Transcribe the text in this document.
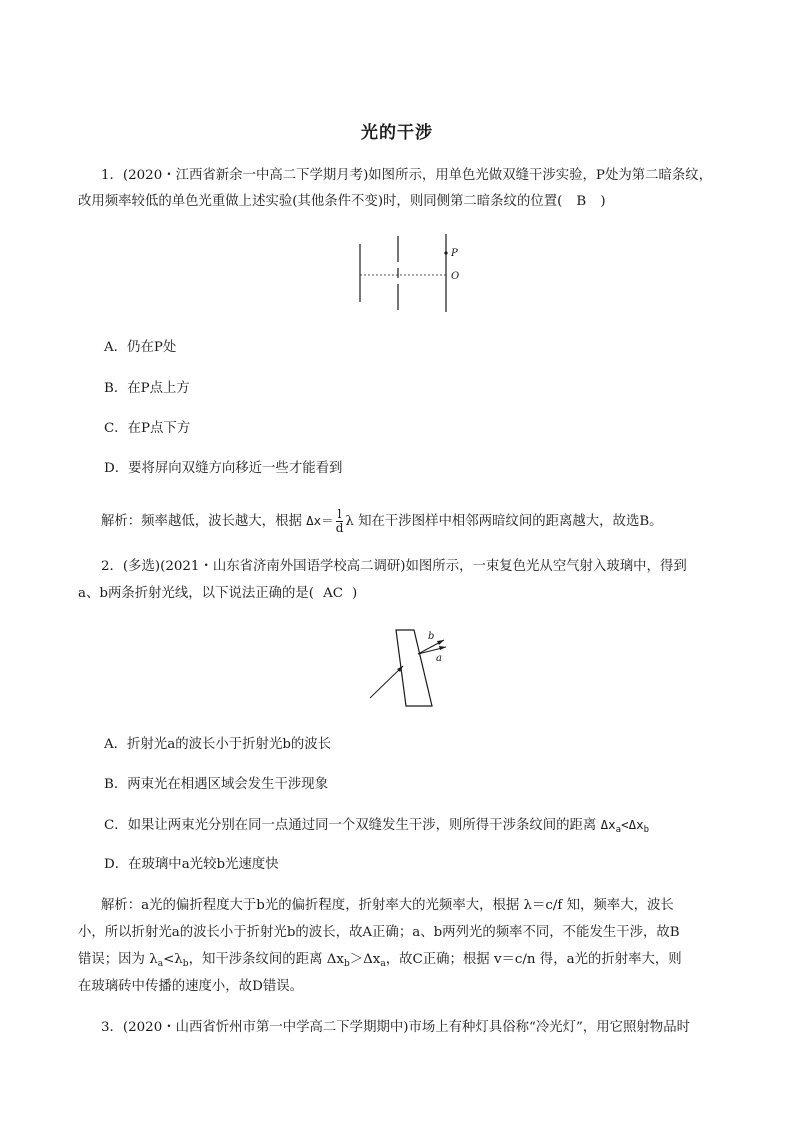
光的干涉
1．(2020・江西省新余一中高二下学期月考)如图所示，用单色光做双缝干涉实验，P处为第二暗条纹，
改用频率较低的单色光重做上述实验(其他条件不变)时，则同侧第二暗条纹的位置( B )
P
O
A．仍在P处
B．在P点上方
C．在P点下方
D．要将屏向双缝方向移近一些才能看到
解析：频率越低，波长越大，根据 $\Delta x= \frac{l}{d}$ λ 知在干涉图样中相邻两暗纹间的距离越大，故选B。
2．(多选)(2021・山东省济南外国语学校高二调研)如图所示，一束复色光从空气射入玻璃中，得到
a、b两条折射光线，以下说法正确的是( AC )
b
a
A．折射光a的波长小于折射光b的波长
B．两束光在相遇区域会发生干涉现象
C．如果让两束光分别在同一点通过同一个双缝发生干涉，则所得干涉条纹间的距离 $\Delta x_a<\Delta x_b$
D．在玻璃中a光较b光速度快
解析：a光的偏折程度大于b光的偏折程度，折射率大的光频率大，根据 λ＝c/f 知，频率大，波长
小，所以折射光a的波长小于折射光b的波长，故A正确；a、b两列光的频率不同，不能发生干涉，故B
错误；因为 $\lambda_a<\lambda_b$，知干涉条纹间的距离 $\Delta x_b>\Delta x_a$，故C正确；根据 v＝c/n 得，a光的折射率大，则
在玻璃砖中传播的速度小，故D错误。
3．(2020・山西省忻州市第一中学高二下学期期中)市场上有种灯具俗称“冷光灯”，用它照射物品时
